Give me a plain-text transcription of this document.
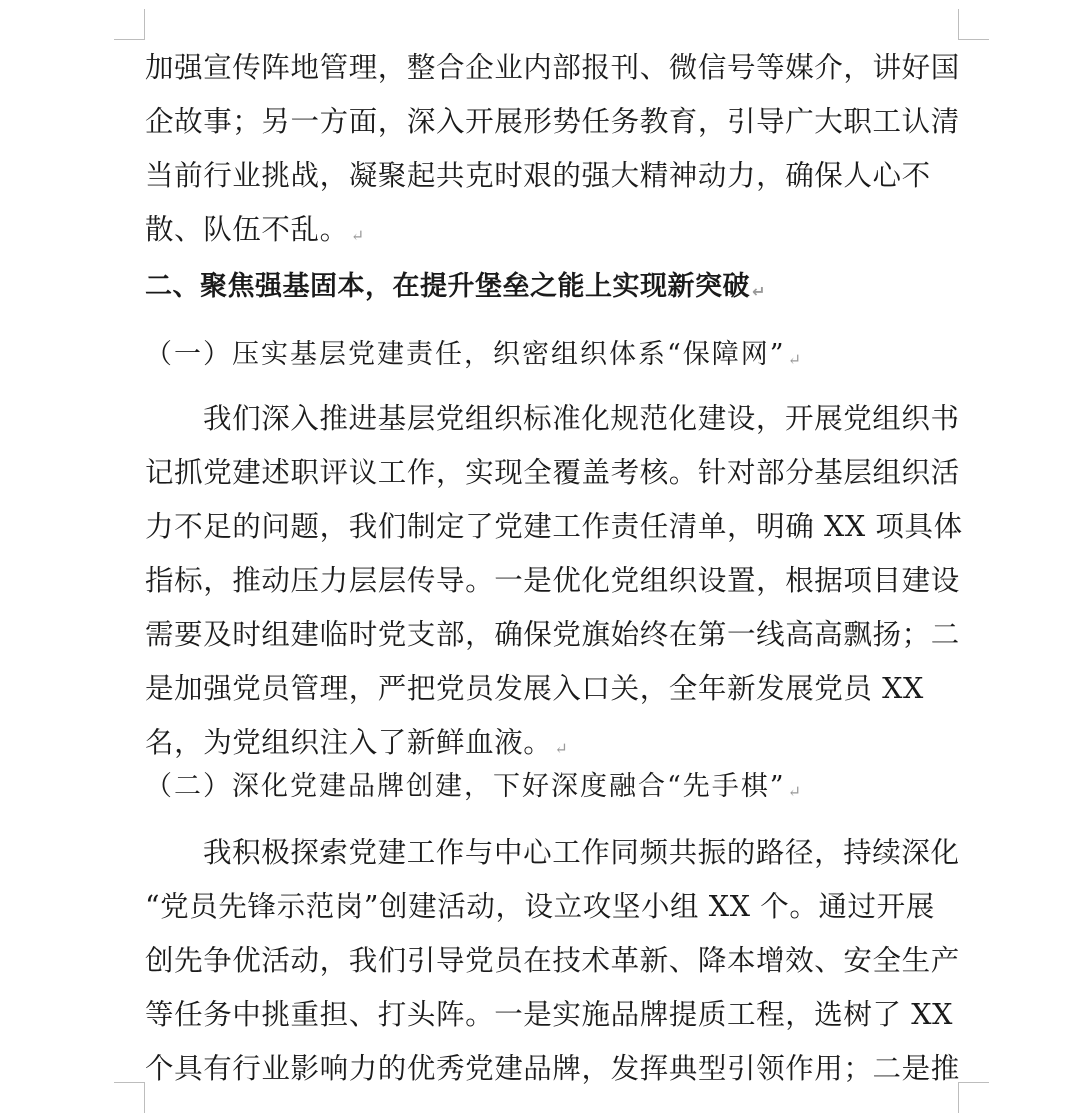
加强宣传阵地管理，整合企业内部报刊、微信号等媒介，讲好国
企故事；另一方面，深入开展形势任务教育，引导广大职工认清
当前行业挑战，凝聚起共克时艰的强大精神动力，确保人心不
散、队伍不乱。 ↵
二、聚焦强基固本，在提升堡垒之能上实现新突破 ↵
（一）压实基层党建责任，织密组织体系“保障网” ↵
我们深入推进基层党组织标准化规范化建设，开展党组织书
记抓党建述职评议工作，实现全覆盖考核。针对部分基层组织活
力不足的问题，我们制定了党建工作责任清单，明确 XX 项具体
指标，推动压力层层传导。一是优化党组织设置，根据项目建设
需要及时组建临时党支部，确保党旗始终在第一线高高飘扬；二
是加强党员管理，严把党员发展入口关，全年新发展党员 XX
名，为党组织注入了新鲜血液。 ↵
（二）深化党建品牌创建，下好深度融合“先手棋” ↵
我积极探索党建工作与中心工作同频共振的路径，持续深化
“党员先锋示范岗”创建活动，设立攻坚小组 XX 个。通过开展
创先争优活动，我们引导党员在技术革新、降本增效、安全生产
等任务中挑重担、打头阵。一是实施品牌提质工程，选树了 XX
个具有行业影响力的优秀党建品牌，发挥典型引领作用；二是推
